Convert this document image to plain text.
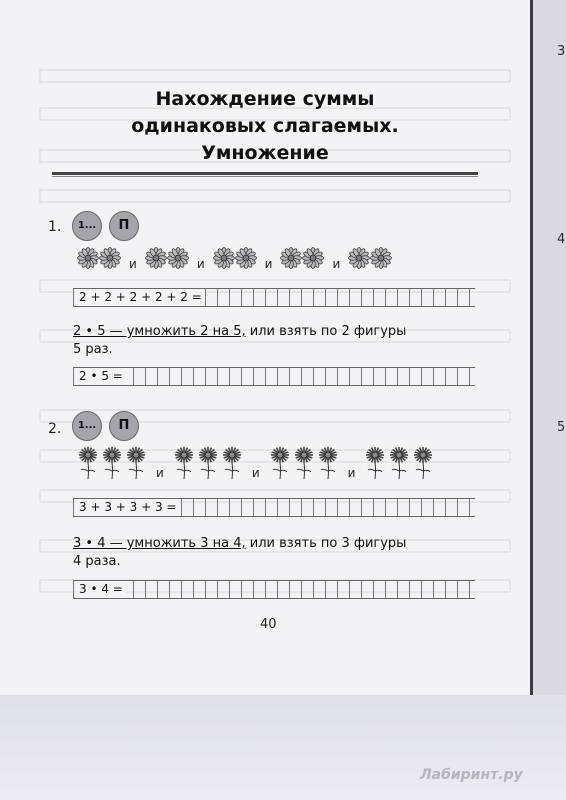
Нахождение суммы
одинаковых слагаемых.
Умножение
1.	1...	П
и	и	и	и
2 + 2 + 2 + 2 + 2 =
2 • 5 — умножить 2 на 5, или взять по 2 фигуры
5 раз.
2 • 5 =
2.	1...	П
и	и	и
3 + 3 + 3 + 3 =
3 • 4 — умножить 3 на 4, или взять по 3 фигуры
4 раза.
3 • 4 =
40
3
4
5
Лабиринт.ру
